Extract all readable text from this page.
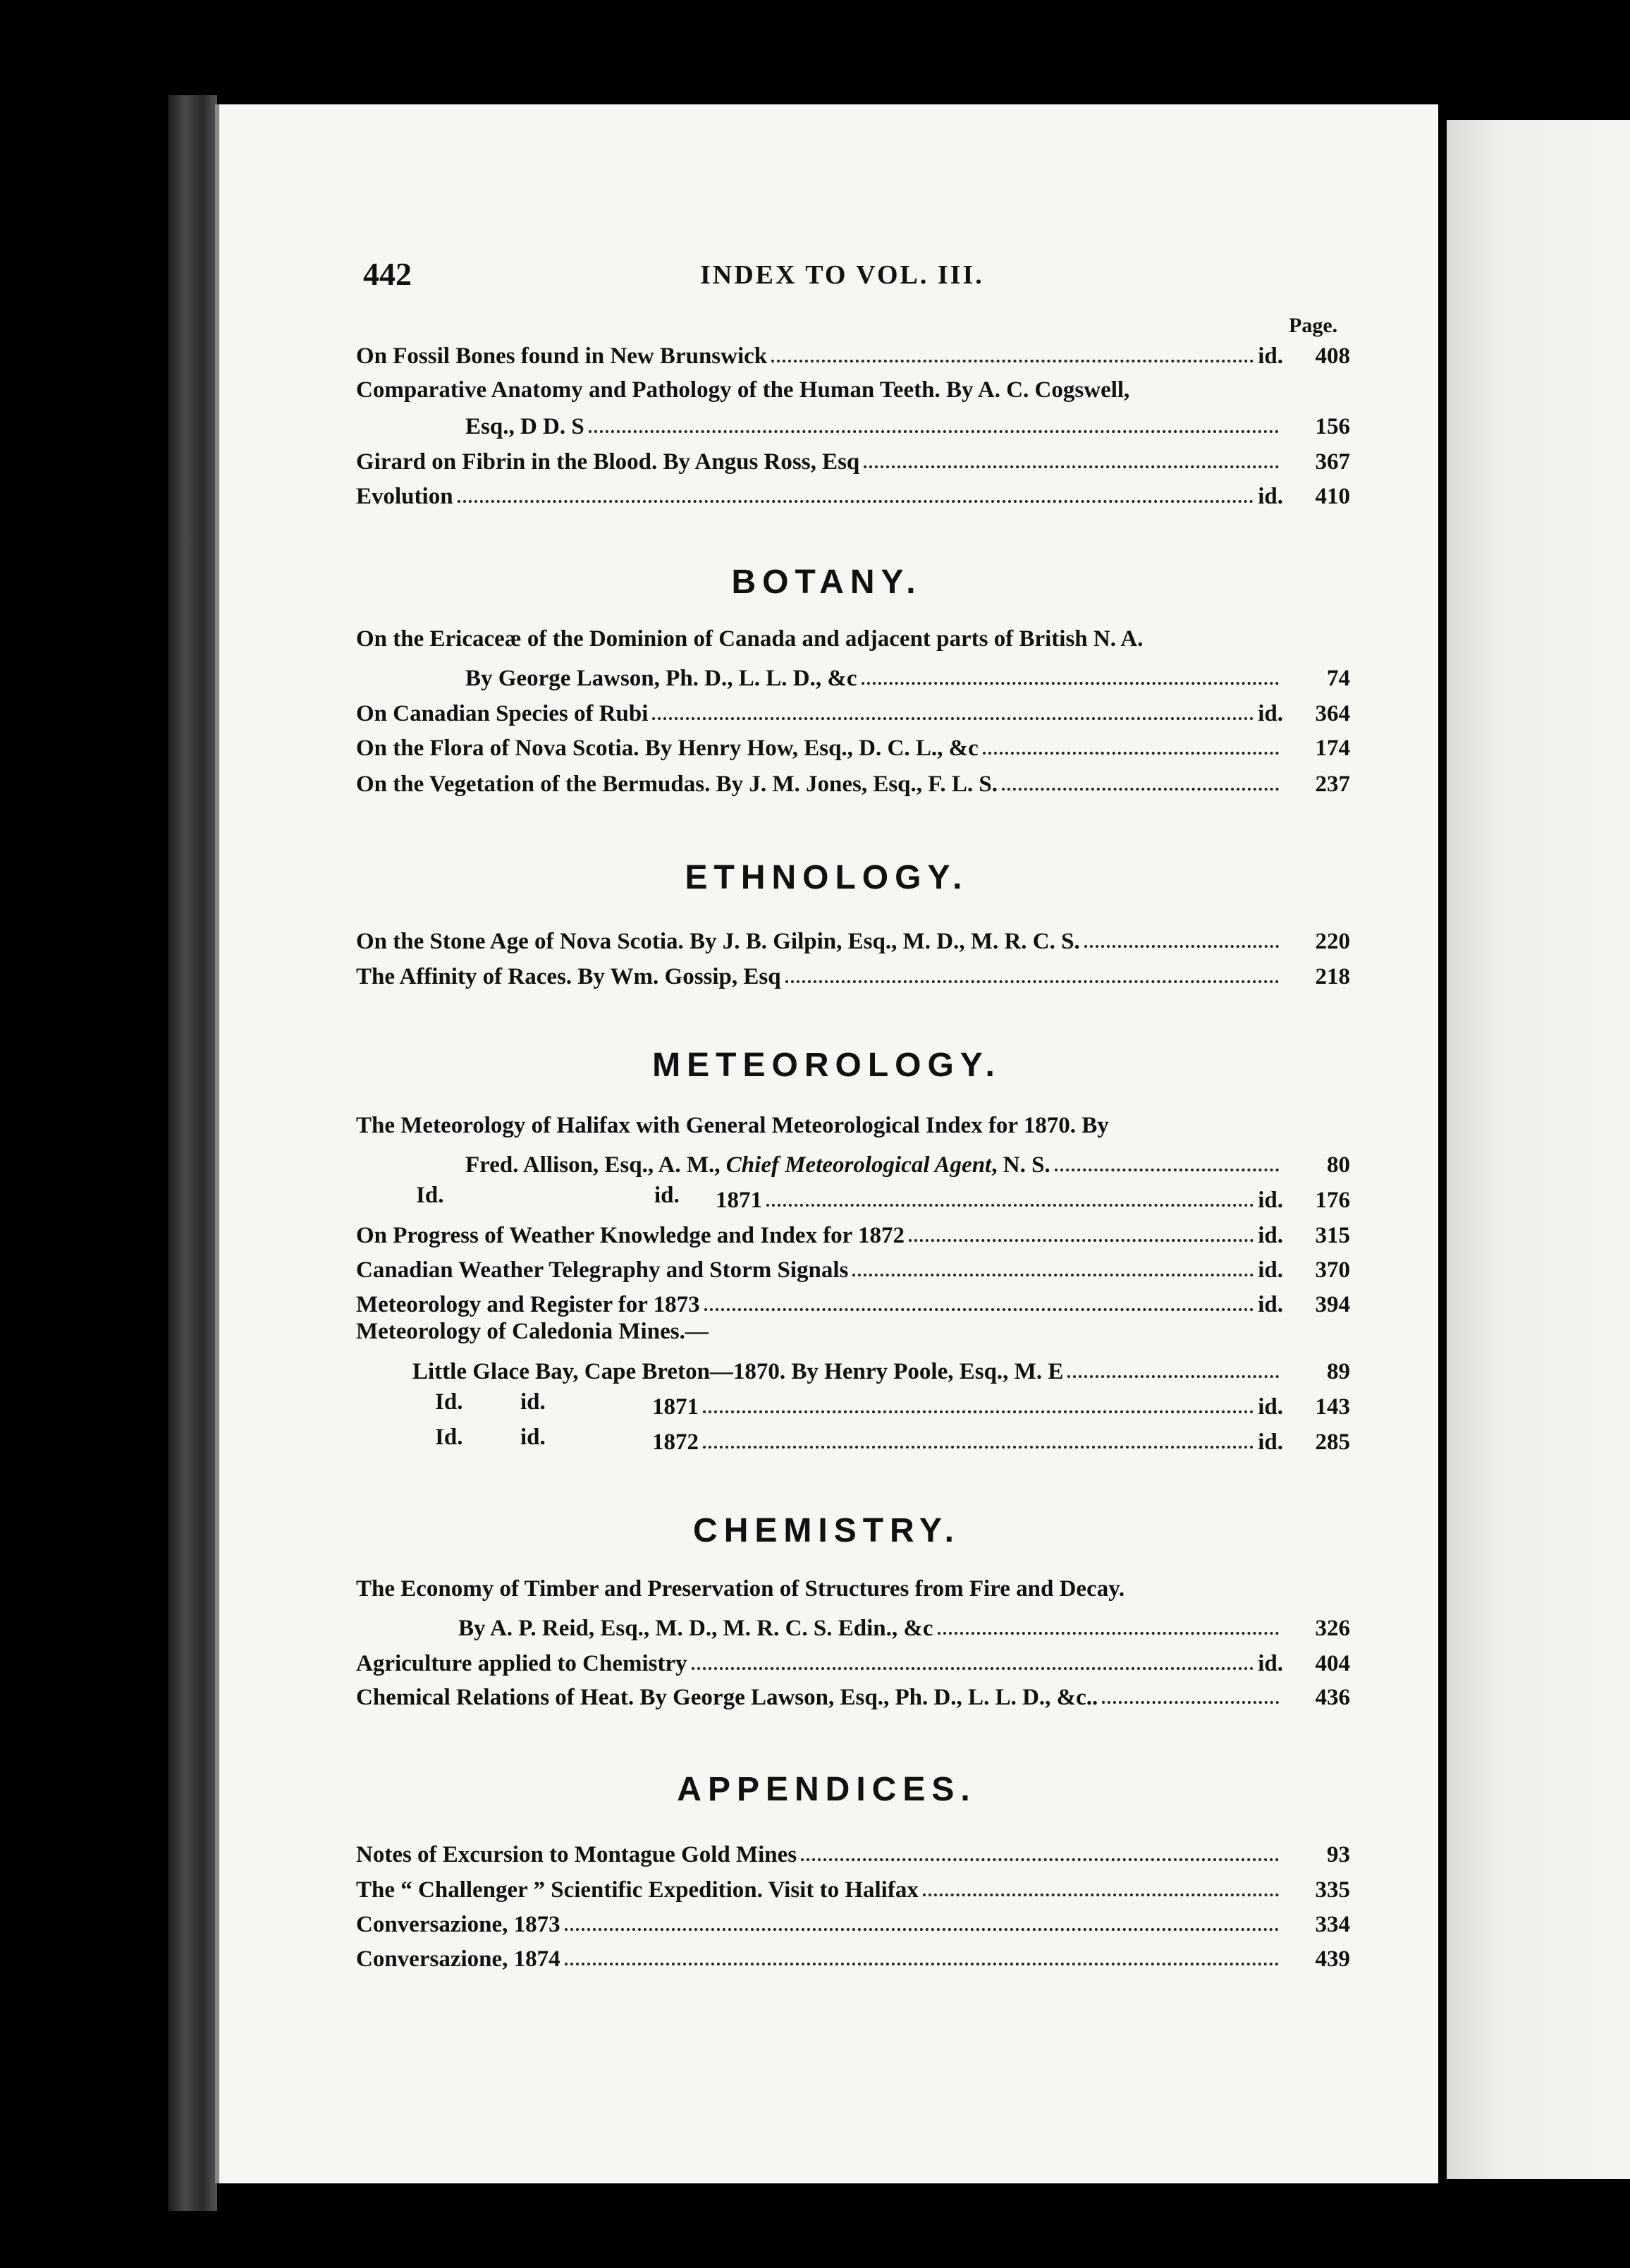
442	INDEX TO VOL. III.
Page.
On Fossil Bones found in New Brunswick	id.	408
Comparative Anatomy and Pathology of the Human Teeth. By A. C. Cogswell,
Esq., D D. S	156
Girard on Fibrin in the Blood. By Angus Ross, Esq	367
Evolution	id.	410
BOTANY.
On the Ericaceæ of the Dominion of Canada and adjacent parts of British N. A.
By George Lawson, Ph. D., L. L. D., &c	74
On Canadian Species of Rubi	id.	364
On the Flora of Nova Scotia. By Henry How, Esq., D. C. L., &c	174
On the Vegetation of the Bermudas. By J. M. Jones, Esq., F. L. S.	237
ETHNOLOGY.
On the Stone Age of Nova Scotia. By J. B. Gilpin, Esq., M. D., M. R. C. S.	220
The Affinity of Races. By Wm. Gossip, Esq	218
METEOROLOGY.
The Meteorology of Halifax with General Meteorological Index for 1870. By
Fred. Allison, Esq., A. M., Chief Meteorological Agent, N. S.	80
Id.	id. 1871	id.	176
On Progress of Weather Knowledge and Index for 1872	id.	315
Canadian Weather Telegraphy and Storm Signals	id.	370
Meteorology and Register for 1873	id.	394
Meteorology of Caledonia Mines.—
Little Glace Bay, Cape Breton—1870. By Henry Poole, Esq., M. E	89
Id. id.	1871	id.	143
Id. id.	1872	id.	285
CHEMISTRY.
The Economy of Timber and Preservation of Structures from Fire and Decay.
By A. P. Reid, Esq., M. D., M. R. C. S. Edin., &c	326
Agriculture applied to Chemistry	id.	404
Chemical Relations of Heat. By George Lawson, Esq., Ph. D., L. L. D., &c..	436
APPENDICES.
Notes of Excursion to Montague Gold Mines	93
The “ Challenger ” Scientific Expedition. Visit to Halifax	335
Conversazione, 1873	334
Conversazione, 1874	439
